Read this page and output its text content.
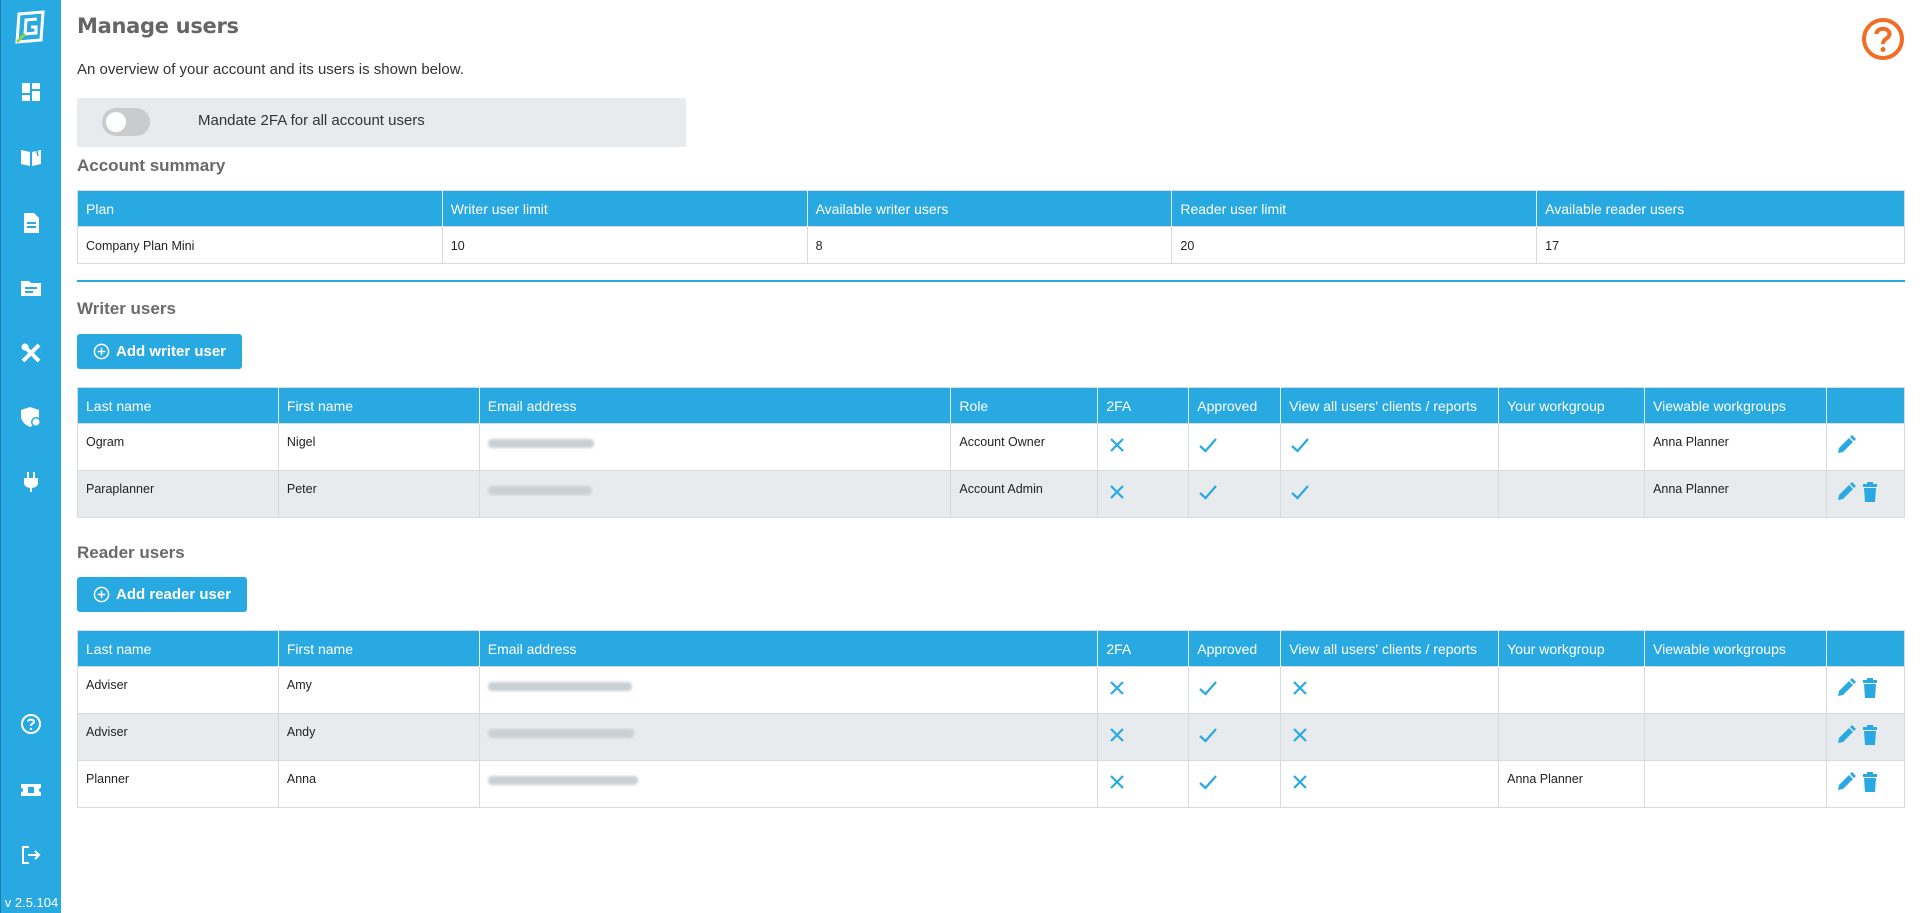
v 2.5.104
Manage users
An overview of your account and its users is shown below.
Mandate 2FA for all account users
Account summary
Plan	Writer user limit	Available writer users	Reader user limit	Available reader users
Company Plan Mini	10	8	20	17
Writer users
Add writer user
Last name	First name	Email address	Role	2FA	Approved	View all users' clients / reports	Your workgroup	Viewable workgroups	
Ogram	Nigel		Account Owner					Anna Planner	
Paraplanner	Peter		Account Admin					Anna Planner	
Reader users
Add reader user
Last name	First name	Email address	2FA	Approved	View all users' clients / reports	Your workgroup	Viewable workgroups	
Adviser	Amy							
Adviser	Andy							
Planner	Anna					Anna Planner		
